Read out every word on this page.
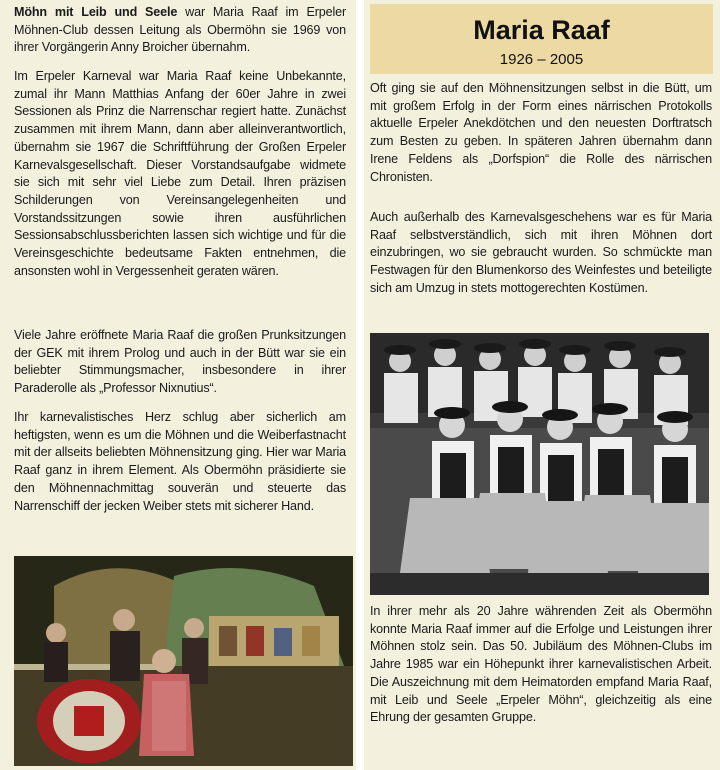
Möhn mit Leib und Seele war Maria Raaf im Erpeler Möhnen-Club dessen Leitung als Obermöhn sie 1969 von ihrer Vorgängerin Anny Broicher übernahm.

Im Erpeler Karneval war Maria Raaf keine Unbekannte, zumal ihr Mann Matthias Anfang der 60er Jahre in zwei Sessionen als Prinz die Narrenschar regiert hatte. Zunächst zusammen mit ihrem Mann, dann aber alleinverantwortlich, übernahm sie 1967 die Schriftführung der Großen Erpeler Karnevalsgesellschaft. Dieser Vorstandsaufgabe widmete sie sich mit sehr viel Liebe zum Detail. Ihren präzisen Schilderungen von Vereinsangelegenheiten und Vorstandssitzungen sowie ihren ausführlichen Sessionsabschlussberichten lassen sich wichtige und für die Vereinsgeschichte bedeutsame Fakten entnehmen, die ansonsten wohl in Vergessenheit geraten wären.

Viele Jahre eröffnete Maria Raaf die großen Prunksitzungen der GEK mit ihrem Prolog und auch in der Bütt war sie ein beliebter Stimmungsmacher, insbesondere in ihrer Paraderolle als „Professor Nixnutius“.

Ihr karnevalistisches Herz schlug aber sicherlich am heftigsten, wenn es um die Möhnen und die Weiberfastnacht mit der allseits beliebten Möhnensitzung ging. Hier war Maria Raaf ganz in ihrem Element. Als Obermöhn präsidierte sie den Möhnennachmittag souverän und steuerte das Narrenschiff der jecken Weiber stets mit sicherer Hand.

Maria Raaf
1926 – 2005

Oft ging sie auf den Möhnensitzungen selbst in die Bütt, um mit großem Erfolg in der Form eines närrischen Protokolls aktuelle Erpeler Anekdötchen und den neuesten Dorftratsch zum Besten zu geben. In späteren Jahren übernahm dann Irene Feldens als „Dorfspion“ die Rolle des närrischen Chronisten.

Auch außerhalb des Karnevalsgeschehens war es für Maria Raaf selbstverständlich, sich mit ihren Möhnen dort einzubringen, wo sie gebraucht wurden. So schmückte man Festwagen für den Blumenkorso des Weinfestes und beteiligte sich am Umzug in stets mottogerechten Kostümen.

In ihrer mehr als 20 Jahre währenden Zeit als Obermöhn konnte Maria Raaf immer auf die Erfolge und Leistungen ihrer Möhnen stolz sein. Das 50. Jubiläum des Möhnen-Clubs im Jahre 1985 war ein Höhepunkt ihrer karnevalistischen Arbeit. Die Auszeichnung mit dem Heimatorden empfand Maria Raaf, mit Leib und Seele „Erpeler Möhn“, gleichzeitig als eine Ehrung der gesamten Gruppe.
